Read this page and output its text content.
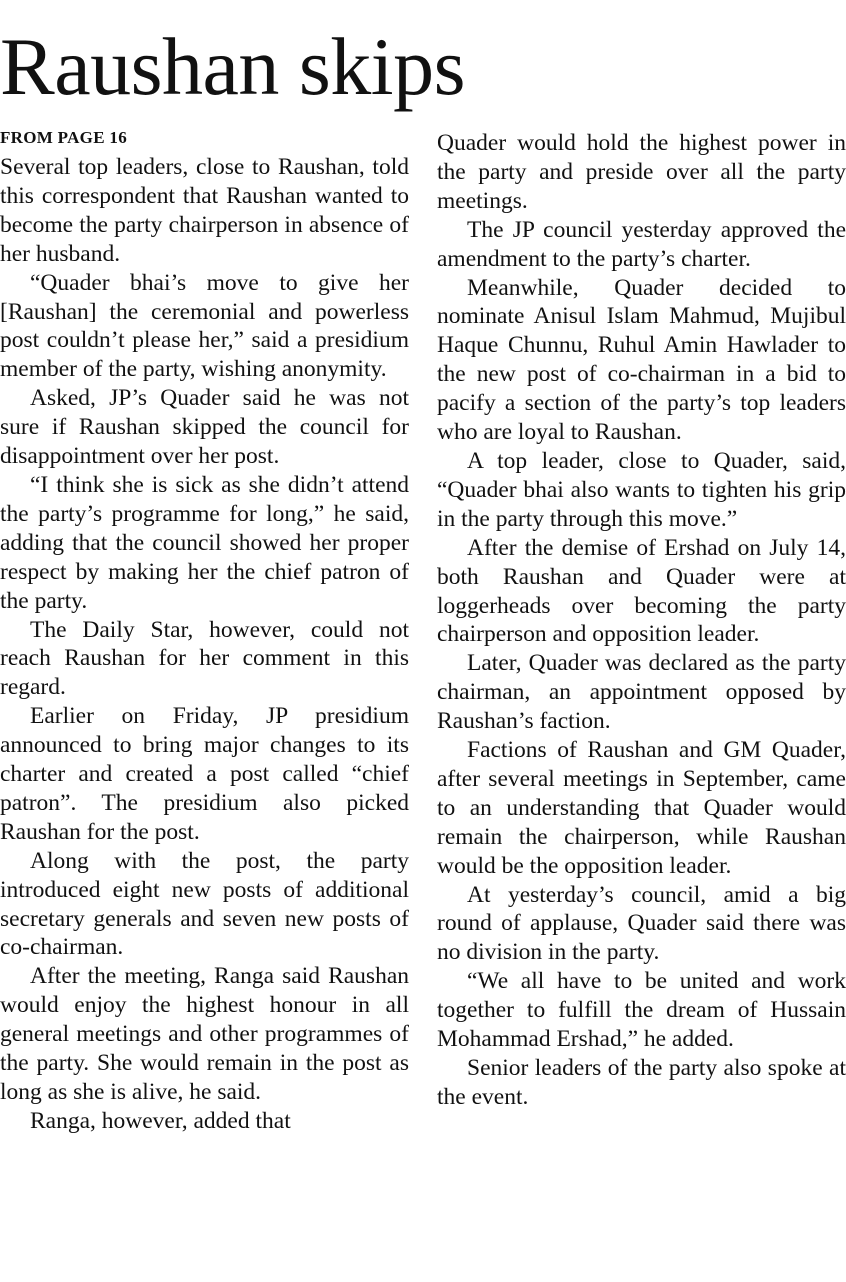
Raushan skips
FROM PAGE 16

Several top leaders, close to Raushan, told this correspondent that Raushan wanted to become the party chairperson in absence of her husband.

“Quader bhai’s move to give her [Raushan] the ceremonial and powerless post couldn’t please her,” said a presidium member of the party, wishing anonymity.

Asked, JP’s Quader said he was not sure if Raushan skipped the council for disappointment over her post.

“I think she is sick as she didn’t attend the party’s programme for long,” he said, adding that the council showed her proper respect by making her the chief patron of the party.

The Daily Star, however, could not reach Raushan for her comment in this regard.

Earlier on Friday, JP presidium announced to bring major changes to its charter and created a post called “chief patron”. The presidium also picked Raushan for the post.

Along with the post, the party introduced eight new posts of additional secretary generals and seven new posts of co-chairman.

After the meeting, Ranga said Raushan would enjoy the highest honour in all general meetings and other programmes of the party. She would remain in the post as long as she is alive, he said.

Ranga, however, added that

Quader would hold the highest power in the party and preside over all the party meetings.

The JP council yesterday approved the amendment to the party’s charter.

Meanwhile, Quader decided to nominate Anisul Islam Mahmud, Mujibul Haque Chunnu, Ruhul Amin Hawlader to the new post of co-chairman in a bid to pacify a section of the party’s top leaders who are loyal to Raushan.

A top leader, close to Quader, said, “Quader bhai also wants to tighten his grip in the party through this move.”

After the demise of Ershad on July 14, both Raushan and Quader were at loggerheads over becoming the party chairperson and opposition leader.

Later, Quader was declared as the party chairman, an appointment opposed by Raushan’s faction.

Factions of Raushan and GM Quader, after several meetings in September, came to an understanding that Quader would remain the chairperson, while Raushan would be the opposition leader.

At yesterday’s council, amid a big round of applause, Quader said there was no division in the party.

“We all have to be united and work together to fulfill the dream of Hussain Mohammad Ershad,” he added.

Senior leaders of the party also spoke at the event.
